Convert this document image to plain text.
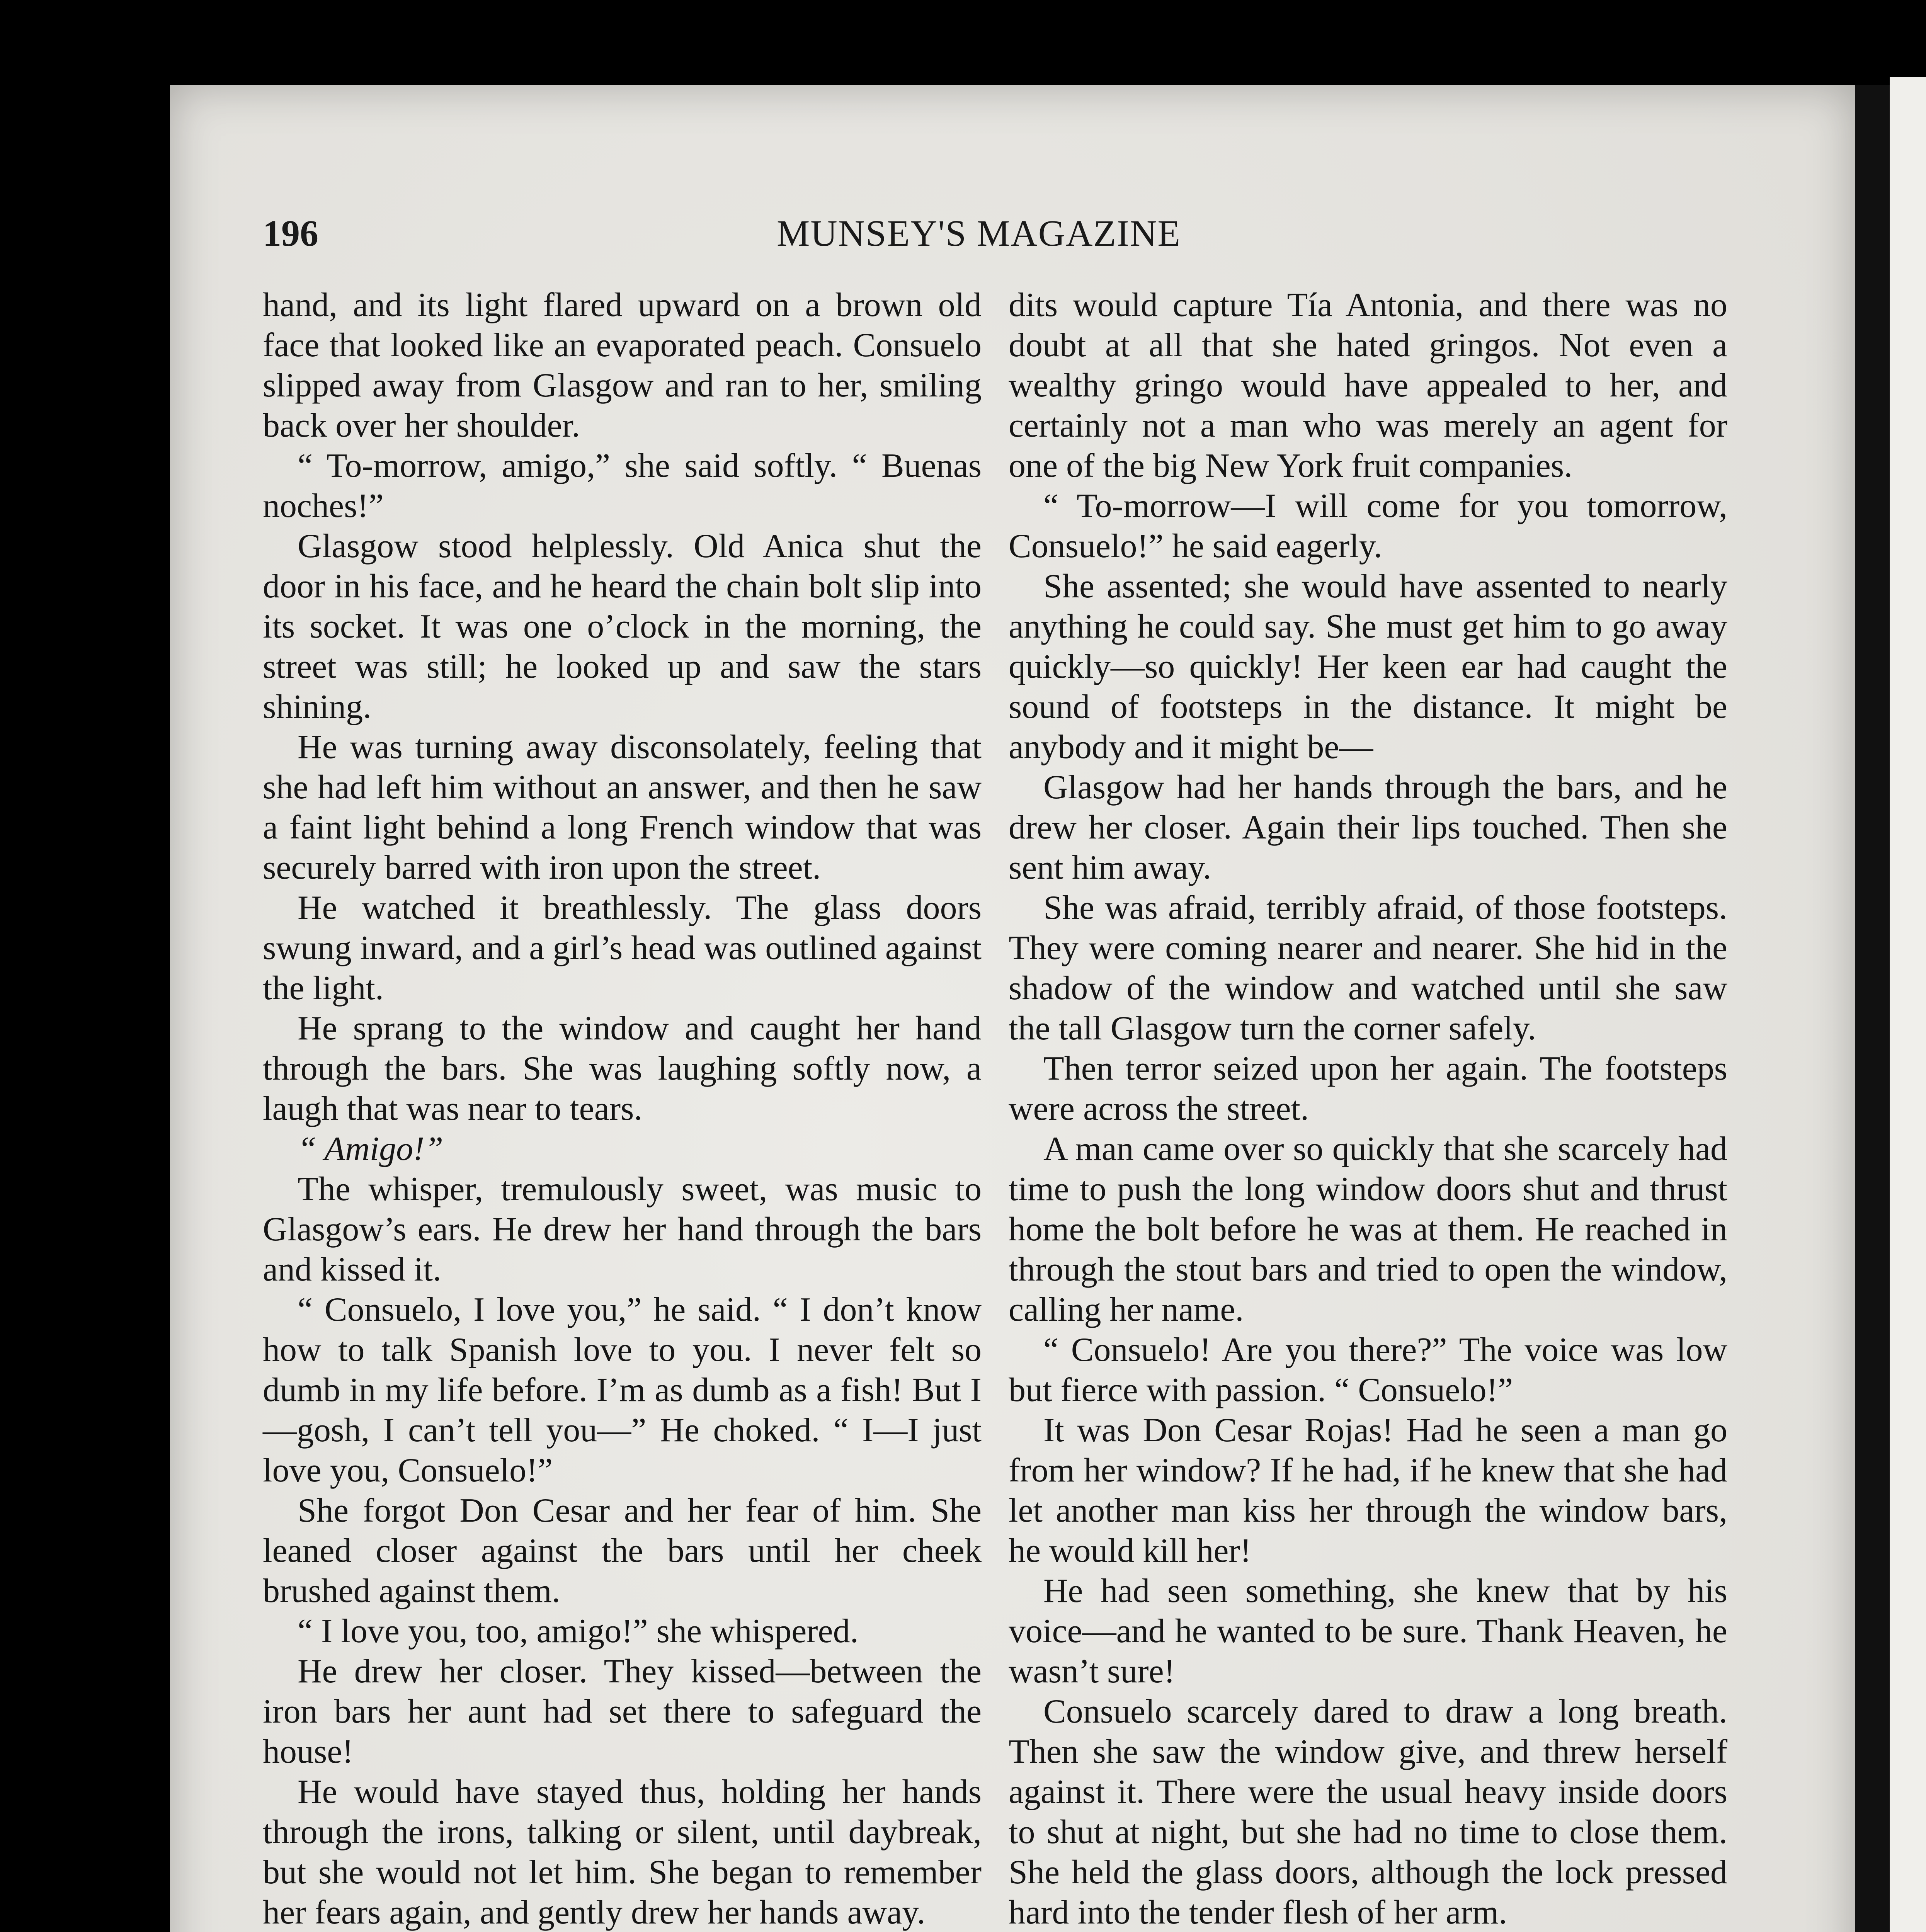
196	MUNSEY'S MAGAZINE

hand, and its light flared upward on a brown old face that looked like an evaporated peach. Consuelo slipped away from Glasgow and ran to her, smiling back over her shoulder.

“ To-morrow, amigo,” she said softly. “ Buenas noches!”

Glasgow stood helplessly. Old Anica shut the door in his face, and he heard the chain bolt slip into its socket. It was one o’clock in the morning, the street was still; he looked up and saw the stars shining.

He was turning away disconsolately, feeling that she had left him without an answer, and then he saw a faint light behind a long French window that was securely barred with iron upon the street.

He watched it breathlessly. The glass doors swung inward, and a girl’s head was outlined against the light.

He sprang to the window and caught her hand through the bars. She was laughing softly now, a laugh that was near to tears.

“ Amigo!”

The whisper, tremulously sweet, was music to Glasgow’s ears. He drew her hand through the bars and kissed it.

“ Consuelo, I love you,” he said. “ I don’t know how to talk Spanish love to you. I never felt so dumb in my life before. I’m as dumb as a fish! But I—gosh, I can’t tell you—” He choked. “ I—I just love you, Consuelo!”

She forgot Don Cesar and her fear of him. She leaned closer against the bars until her cheek brushed against them.

“ I love you, too, amigo!” she whispered.

He drew her closer. They kissed—between the iron bars her aunt had set there to safeguard the house!

He would have stayed thus, holding her hands through the irons, talking or silent, until daybreak, but she would not let him. She began to remember her fears again, and gently drew her hands away.

dits would capture Tía Antonia, and there was no doubt at all that she hated gringos. Not even a wealthy gringo would have appealed to her, and certainly not a man who was merely an agent for one of the big New York fruit companies.

“ To-morrow—I will come for you tomorrow, Consuelo!” he said eagerly.

She assented; she would have assented to nearly anything he could say. She must get him to go away quickly—so quickly! Her keen ear had caught the sound of footsteps in the distance. It might be anybody and it might be—

Glasgow had her hands through the bars, and he drew her closer. Again their lips touched. Then she sent him away.

She was afraid, terribly afraid, of those footsteps. They were coming nearer and nearer. She hid in the shadow of the window and watched until she saw the tall Glasgow turn the corner safely.

Then terror seized upon her again. The footsteps were across the street.

A man came over so quickly that she scarcely had time to push the long window doors shut and thrust home the bolt before he was at them. He reached in through the stout bars and tried to open the window, calling her name.

“ Consuelo! Are you there?” The voice was low but fierce with passion. “ Consuelo!”

It was Don Cesar Rojas! Had he seen a man go from her window? If he had, if he knew that she had let another man kiss her through the window bars, he would kill her!

He had seen something, she knew that by his voice—and he wanted to be sure. Thank Heaven, he wasn’t sure!

Consuelo scarcely dared to draw a long breath. Then she saw the window give, and threw herself against it. There were the usual heavy inside doors to shut at night, but she had no time to close them. She held the glass doors, although the lock pressed hard into the tender flesh of her arm.
